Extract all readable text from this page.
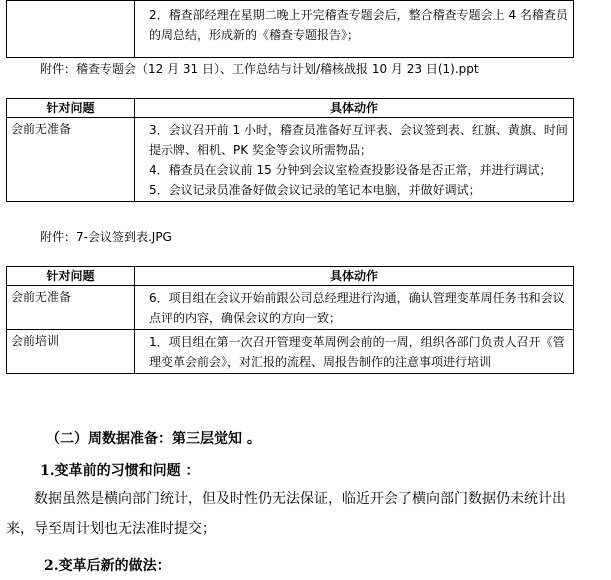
2．稽查部经理在星期二晚上开完稽查专题会后，整合稽查专题会上 4 名稽查员的周总结，形成新的《稽查专题报告》；
附件：稽查专题会（12 月 31 日）、工作总结与计划/稽核战报 10 月 23 日(1).ppt
针对问题	具体动作
会前无准备	3．会议召开前 1 小时，稽查员准备好互评表、会议签到表、红旗、黄旗、时间提示牌、相机、PK 奖金等会议所需物品；
4．稽查员在会议前 15 分钟到会议室检查投影设备是否正常，并进行调试；
5．会议记录员准备好做会议记录的笔记本电脑，并做好调试；
附件：7-会议签到表.JPG
针对问题	具体动作
会前无准备	6．项目组在会议开始前跟公司总经理进行沟通，确认管理变革周任务书和会议点评的内容，确保会议的方向一致；

会前培训	1．项目组在第一次召开管理变革周例会前的一周，组织各部门负责人召开《管理变革会前会》，对汇报的流程、周报告制作的注意事项进行培训
（二）周数据准备：第三层觉知 。
1.变革前的习惯和问题 ：
数据虽然是横向部门统计，但及时性仍无法保证，临近开会了横向部门数据仍未统计出来，导至周计划也无法准时提交；
2.变革后新的做法：
